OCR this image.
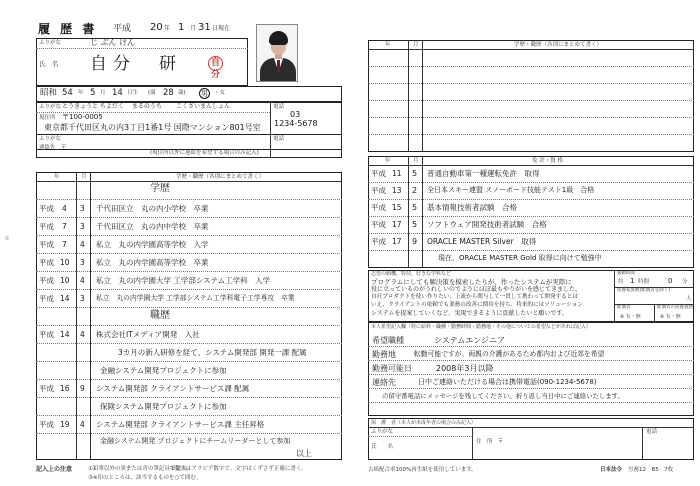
d
履 歴 書 平成 20 年 1 月 31 日現在
ふりがな	じ ぶん けん
氏　名 自分　研	自分
昭和 54 年 5 月 14 日生 (満 28 歳) 男	・女
ふりがな とうきょうと ちよだく　 まるのうち こくさいまんしょん
現住所 〒100-0005
東京都千代田区丸の内3丁目1番1号 国際マンション801号室
電話
03
1234-5678
ふりがな
連絡先　〒
(現住所以外に連絡を希望する場合のみ記入)
電話
年	月	学歴・職歴（各別にまとめて書く）
学歴
平成 4 3 千代田区立　丸の内小学校　卒業
平成 7 3 千代田区立　丸の内中学校　卒業
平成 7 4 私立　丸の内学園高等学校　入学
平成 10 3 私立　丸の内学園高等学校　卒業
平成 10 4 私立　丸の内学園大学 工学部システム工学科　入学
平成 14 3 私立　丸の内学園大学 工学部システム工学科電子工学専攻　卒業
職歴
平成 14 4 株式会社ITメディア開発　入社
3カ月の新人研修を経て、システム開発部 開発一課 配属
金融システム開発プロジェクトに参加
平成 16 9 システム開発部 クライアントサービス課 配属
保険システム開発プロジェクトに参加
平成 19 4 システム開発部 クライアントサービス課 主任昇格
金融システム開発 プロジェクトにチームリーダーとして参加
以上
記入上の注意	①鉛筆以外の黒または青の筆記具で記入。
②数字はアラビア数字で、文字はくずさず正確に書く。
③※印のところは、該当するものを○で囲む。
年	月	学歴・職歴（各別にまとめて書く）
年	月	免 許・資 格
平成 11 5 普通自動車第一種運転免許　取得
平成 13 2 全日本スキー連盟 スノーボード技能テスト1級　合格
平成 15 5 基本情報技術者試験　合格
平成 17 5 ソフトウェア開発技術者試験　合格
平成 17 9 ORACLE MASTER Silver　取得
現在、ORACLE MASTER Gold 取得に向けて勉強中
志望の動機、特技、好きな学科など
プログラムにしても解決策を模索したりが、作ったシステムが実際に
役に立っているのがうれしいのでようにほぼ最もやりがいを感じてきました。
自社プロダクトを使い作りたい、上流から関与して一貫して携わって開発するとは
いえ、クライアントの依頼でも業務の改善に期待を持ち、将来的にはソリューション
システムを提案していくなど、実現できるように貢献したいと願いです。
通勤時間
約 1 時間	0 分
扶養家族数(配偶者を除く)
人
配偶者
※ 有・無
配偶者の扶養義務
※ 有・無
本人希望記入欄（特に給料・職種・勤務時間・勤務地・その他についての希望などがあれば記入）
希望職種	システムエンジニア
勤務地	転勤可能ですが、両親の介護があるため都内および近郊を希望
勤務可能日	2008年3月以降
連絡先	日中ご連絡いただける場合は携帯電話(090-1234-5678)
の留守番電話にメッセージを残してください。折り返し当日中にご連絡いたします。
保　護　者（本人が未成年者の場合のみ記入）
ふりがな
氏　　名
住　所　〒
電話
古紙配合率100%再生紙を使用しています。	日本法令 労務12　B5　7枚
